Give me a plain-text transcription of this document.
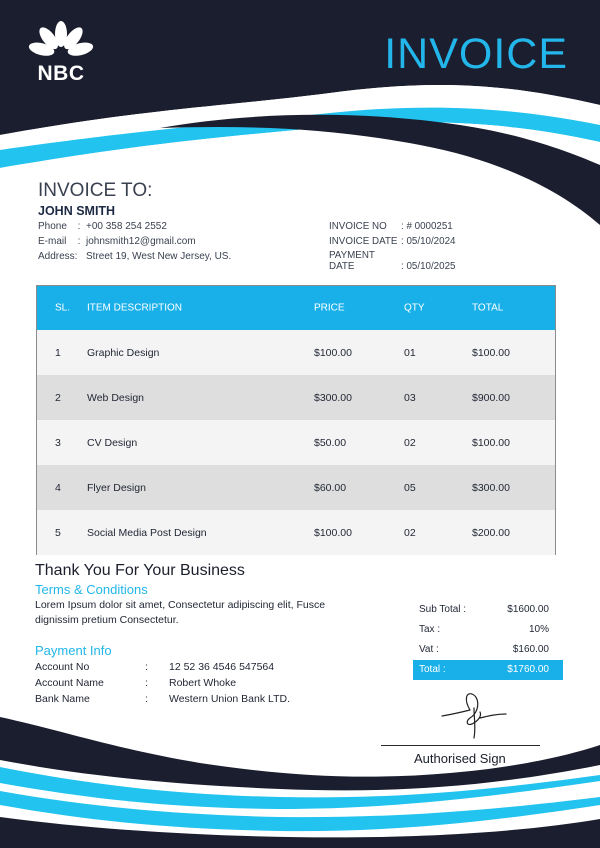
NBC	INVOICE
INVOICE TO:
JOHN SMITH
Phone : +00 358 254 2552
E-mail : johnsmith12@gmail.com
Address: Street 19, West New Jersey, US.
INVOICE NO : # 0000251
INVOICE DATE : 05/10/2024
PAYMENT DATE	: 05/10/2025
SL. ITEM DESCRIPTION	PRICE	QTY	TOTAL
1 Graphic Design	$100.00	01	$100.00
2 Web Design	$300.00	03	$900.00
3 CV Design	$50.00	02	$100.00
4 Flyer Design	$60.00	05	$300.00
5 Social Media Post Design	$100.00	02	$200.00
Thank You For Your Business
Terms & Conditions
Lorem Ipsum dolor sit amet, Consectetur adipiscing elit, Fusce dignissim pretium Consectetur.
Payment Info
Account No	: 12 52 36 4546 547564
Account Name	: Robert Whoke
Bank Name	: Western Union Bank LTD.
Sub Total :	$1600.00
Tax :	10%
Vat :	$160.00
Total :	$1760.00
Authorised Sign
